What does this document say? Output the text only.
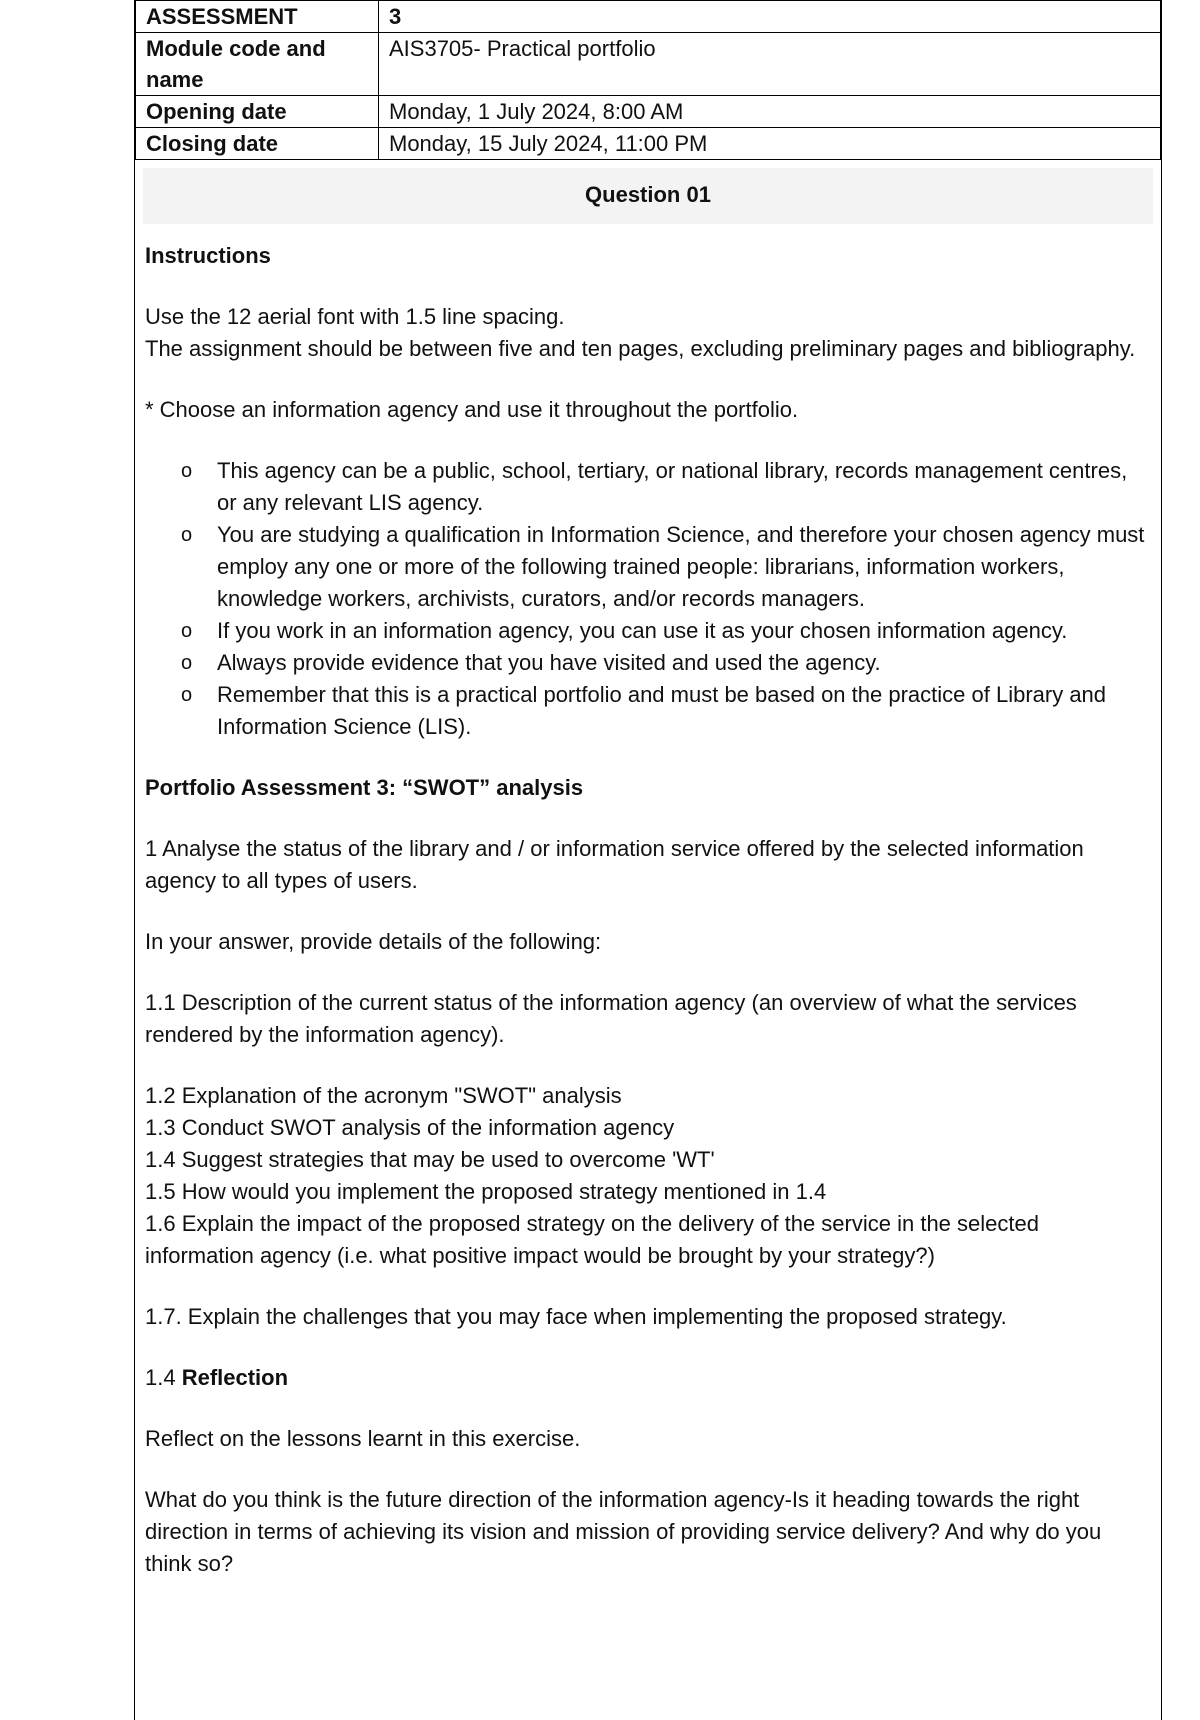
ASSESSMENT	3
Module code and name	AIS3705- Practical portfolio
Opening date	Monday, 1 July 2024, 8:00 AM
Closing date	Monday, 15 July 2024, 11:00 PM
Question 01

Instructions

Use the 12 aerial font with 1.5 line spacing.

The assignment should be between five and ten pages, excluding preliminary pages and bibliography.

* Choose an information agency and use it throughout the portfolio.

o This agency can be a public, school, tertiary, or national library, records management centres, or any relevant LIS agency.
o You are studying a qualification in Information Science, and therefore your chosen agency must employ any one or more of the following trained people: librarians, information workers, knowledge workers, archivists, curators, and/or records managers.
o If you work in an information agency, you can use it as your chosen information agency.
o Always provide evidence that you have visited and used the agency.
o Remember that this is a practical portfolio and must be based on the practice of Library and Information Science (LIS).

Portfolio Assessment 3: “SWOT” analysis

1 Analyse the status of the library and / or information service offered by the selected information agency to all types of users.

In your answer, provide details of the following:

1.1 Description of the current status of the information agency (an overview of what the services rendered by the information agency).

1.2 Explanation of the acronym "SWOT" analysis

1.3 Conduct SWOT analysis of the information agency

1.4 Suggest strategies that may be used to overcome 'WT'

1.5 How would you implement the proposed strategy mentioned in 1.4

1.6 Explain the impact of the proposed strategy on the delivery of the service in the selected information agency (i.e. what positive impact would be brought by your strategy?)

1.7. Explain the challenges that you may face when implementing the proposed strategy.

1.4 Reflection

Reflect on the lessons learnt in this exercise.

What do you think is the future direction of the information agency-Is it heading towards the right direction in terms of achieving its vision and mission of providing service delivery? And why do you think so?
